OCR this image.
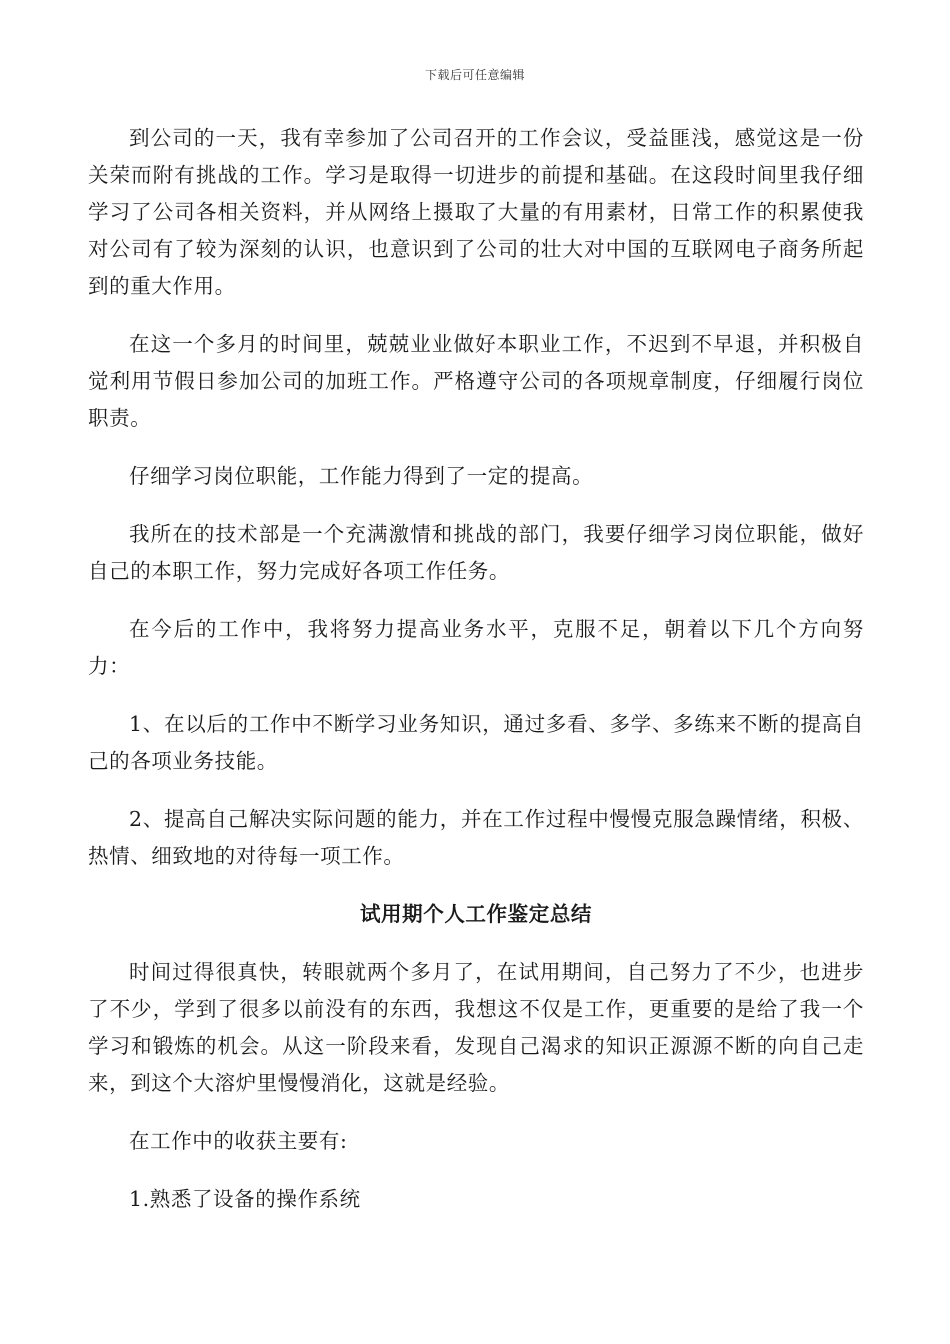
下载后可任意编辑

到公司的一天，我有幸参加了公司召开的工作会议，受益匪浅，感觉这是一份关荣而附有挑战的工作。学习是取得一切进步的前提和基础。在这段时间里我仔细学习了公司各相关资料，并从网络上摄取了大量的有用素材，日常工作的积累使我对公司有了较为深刻的认识，也意识到了公司的壮大对中国的互联网电子商务所起到的重大作用。

在这一个多月的时间里，兢兢业业做好本职业工作，不迟到不早退，并积极自觉利用节假日参加公司的加班工作。严格遵守公司的各项规章制度，仔细履行岗位职责。

仔细学习岗位职能，工作能力得到了一定的提高。

我所在的技术部是一个充满激情和挑战的部门，我要仔细学习岗位职能，做好自己的本职工作，努力完成好各项工作任务。

在今后的工作中，我将努力提高业务水平，克服不足，朝着以下几个方向努力：

1、在以后的工作中不断学习业务知识，通过多看、多学、多练来不断的提高自己的各项业务技能。

2、提高自己解决实际问题的能力，并在工作过程中慢慢克服急躁情绪，积极、热情、细致地的对待每一项工作。

试用期个人工作鉴定总结

时间过得很真快，转眼就两个多月了，在试用期间，自己努力了不少，也进步了不少，学到了很多以前没有的东西，我想这不仅是工作，更重要的是给了我一个学习和锻炼的机会。从这一阶段来看，发现自己渴求的知识正源源不断的向自己走来，到这个大溶炉里慢慢消化，这就是经验。

在工作中的收获主要有:

1.熟悉了设备的操作系统
